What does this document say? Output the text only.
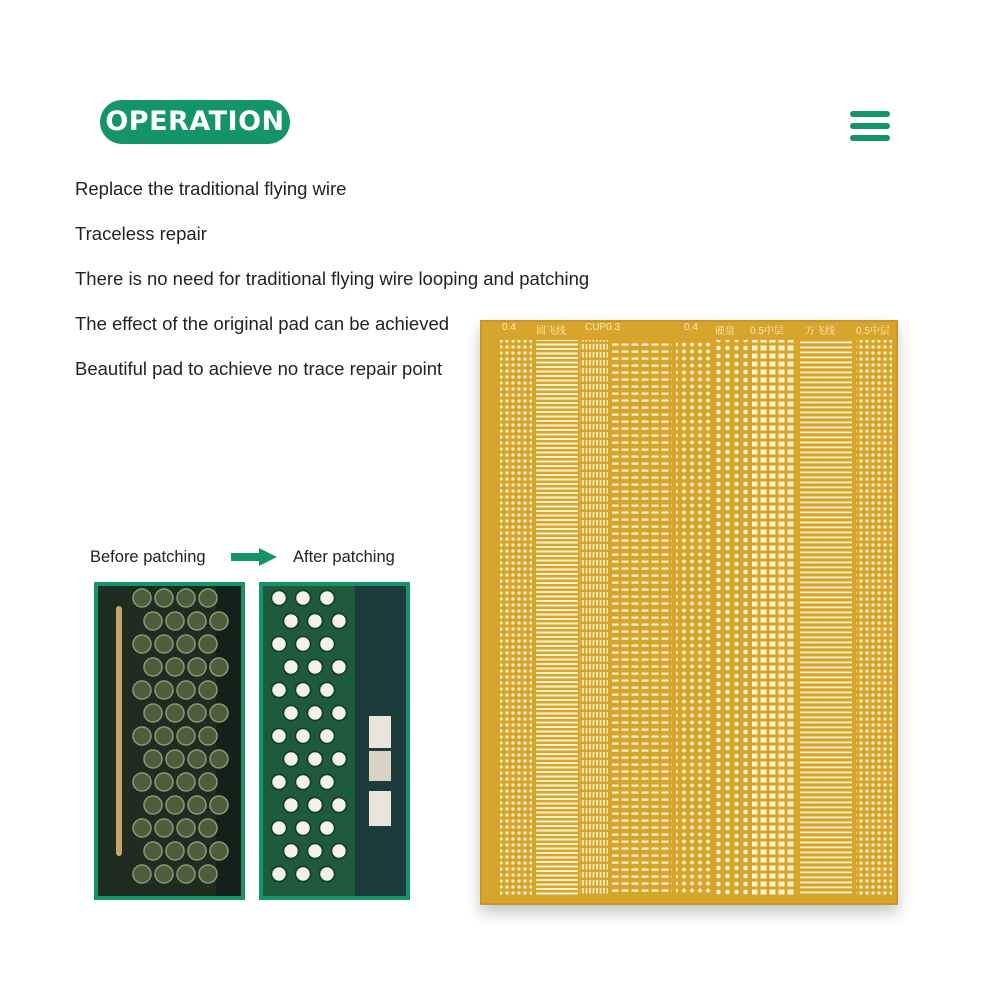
OPERATION
Replace the traditional flying wire
Traceless repair
There is no need for traditional flying wire looping and patching
The effect of the original pad can be achieved
Beautiful pad to achieve no trace repair point
0.4 圆飞线 CUP0.3	0.4 硬盘 0.5中层 方飞线 0.5中层
Before patching	After patching
